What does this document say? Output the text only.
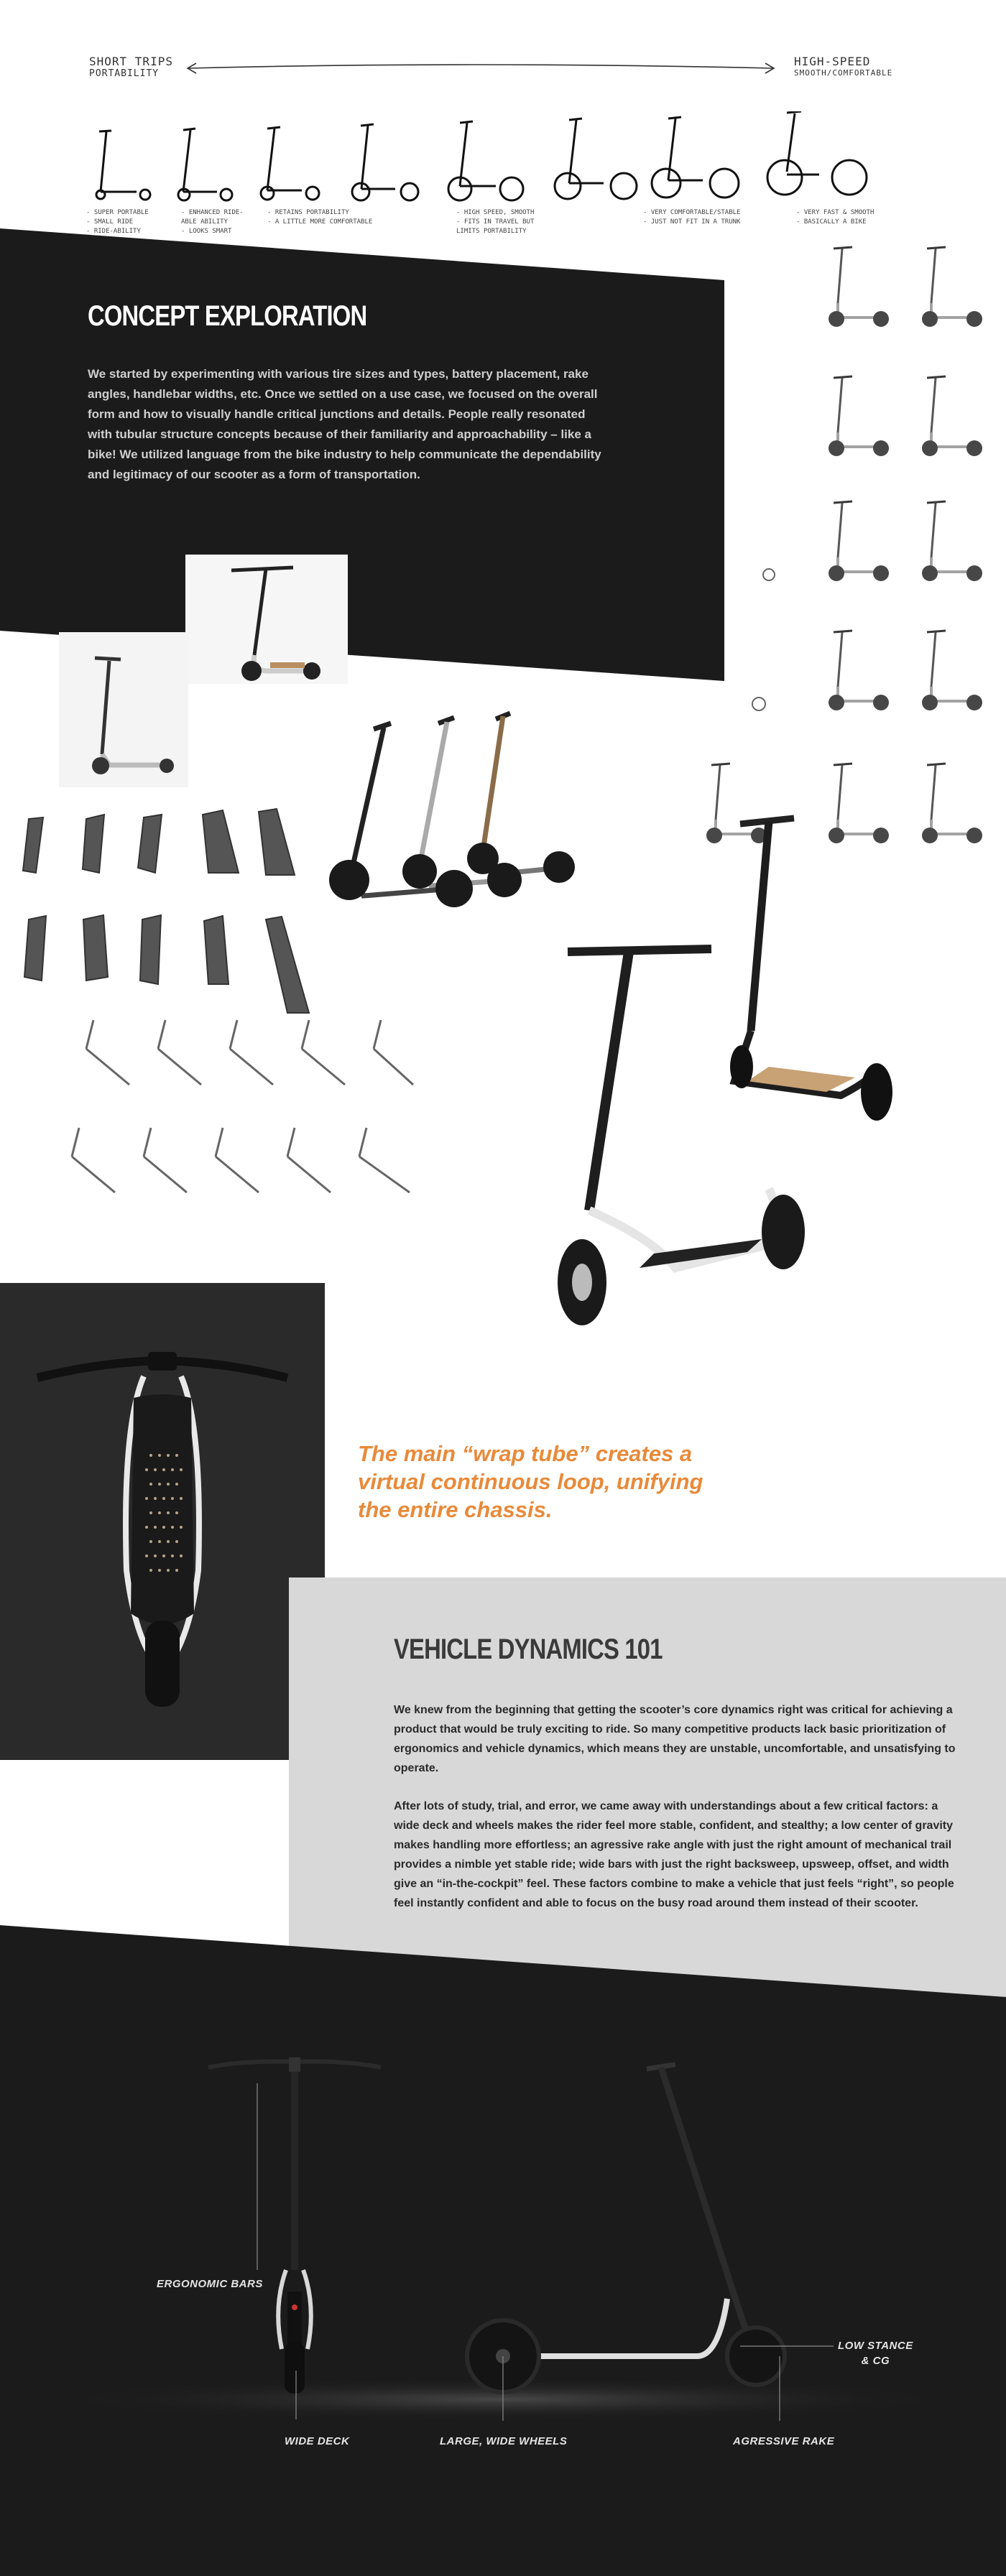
SHORT TRIPS
PORTABILITY
HIGH-SPEED
SMOOTH/COMFORTABLE
- SUPER PORTABLE
- SMALL RIDE
- RIDE-ABILITY
- ENHANCED RIDE-
ABLE ABILITY
- LOOKS SMART
- RETAINS PORTABILITY
- A LITTLE MORE COMFORTABLE
- HIGH SPEED, SMOOTH
- FITS IN TRAVEL BUT
LIMITS PORTABILITY
- VERY COMFORTABLE/STABLE
- JUST NOT FIT IN A TRUNK
- VERY FAST & SMOOTH
- BASICALLY A BIKE
CONCEPT EXPLORATION

We started by experimenting with various tire sizes and types, battery placement, rake angles, handlebar widths, etc. Once we settled on a use case, we focused on the overall form and how to visually handle critical junctions and details. People really resonated with tubular structure concepts because of their familiarity and approachability – like a bike! We utilized language from the bike industry to help communicate the dependability and legitimacy of our scooter as a form of transportation.

The main “wrap tube” creates a virtual continuous loop, unifying the entire chassis.
VEHICLE DYNAMICS 101

We knew from the beginning that getting the scooter’s core dynamics right was critical for achieving a product that would be truly exciting to ride. So many competitive products lack basic prioritization of ergonomics and vehicle dynamics, which means they are unstable, uncomfortable, and unsatisfying to operate.

After lots of study, trial, and error, we came away with understandings about a few critical factors: a wide deck and wheels makes the rider feel more stable, confident, and stealthy; a low center of gravity makes handling more effortless; an agressive rake angle with just the right amount of mechanical trail provides a nimble yet stable ride; wide bars with just the right backsweep, upsweep, offset, and width give an “in-the-cockpit” feel. These factors combine to make a vehicle that just feels “right”, so people feel instantly confident and able to focus on the busy road around them instead of their scooter.

ERGONOMIC BARS
LOW STANCE
& CG
WIDE DECK	LARGE, WIDE WHEELS	AGRESSIVE RAKE
